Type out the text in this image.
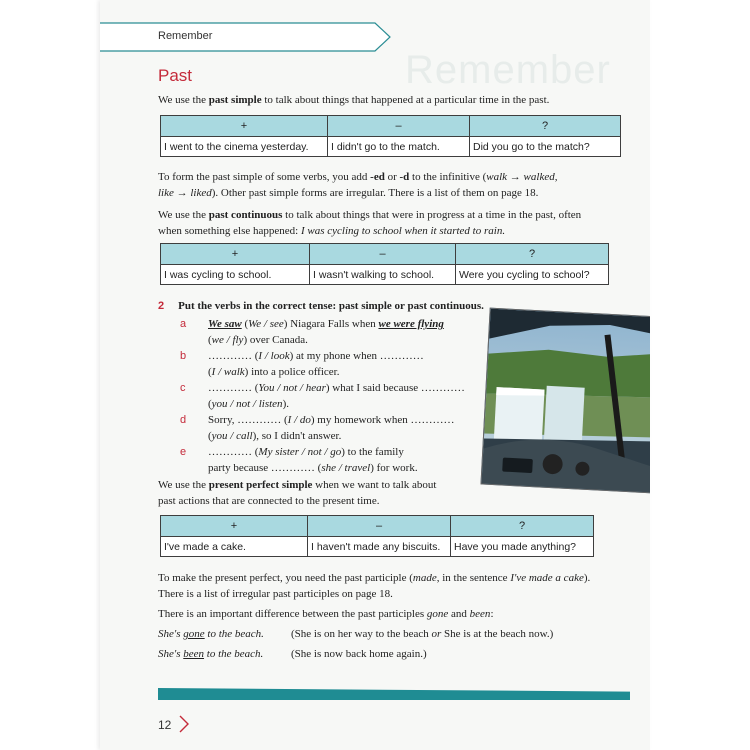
Remember
Remember
Past

We use the past simple to talk about things that happened at a particular time in the past.

+	–	?
I went to the cinema yesterday.	I didn't go to the match.	Did you go to the match?

To form the past simple of some verbs, you add -ed or -d to the infinitive (walk → walked,
like → liked). Other past simple forms are irregular. There is a list of them on page 18.

We use the past continuous to talk about things that were in progress at a time in the past, often
when something else happened: I was cycling to school when it started to rain.

+	–	?
I was cycling to school.	I wasn't walking to school.	Were you cycling to school?
2 Put the verbs in the correct tense: past simple or past continuous.
a We saw (We / see) Niagara Falls when we were flying
(we / fly) over Canada.
b ………… (I / look) at my phone when …………
(I / walk) into a police officer.
c ………… (You / not / hear) what I said because …………
(you / not / listen).
d Sorry, ………… (I / do) my homework when …………
(you / call), so I didn't answer.
e ………… (My sister / not / go) to the family
party because ………… (she / travel) for work.

We use the present perfect simple when we want to talk about
past actions that are connected to the present time.

+	–	?
I've made a cake.	I haven't made any biscuits.	Have you made anything?

To make the present perfect, you need the past participle (made, in the sentence I've made a cake).
There is a list of irregular past participles on page 18.

There is an important difference between the past participles gone and been:

She's gone to the beach. (She is on her way to the beach or She is at the beach now.)
She's been to the beach.	(She is now back home again.)
12
